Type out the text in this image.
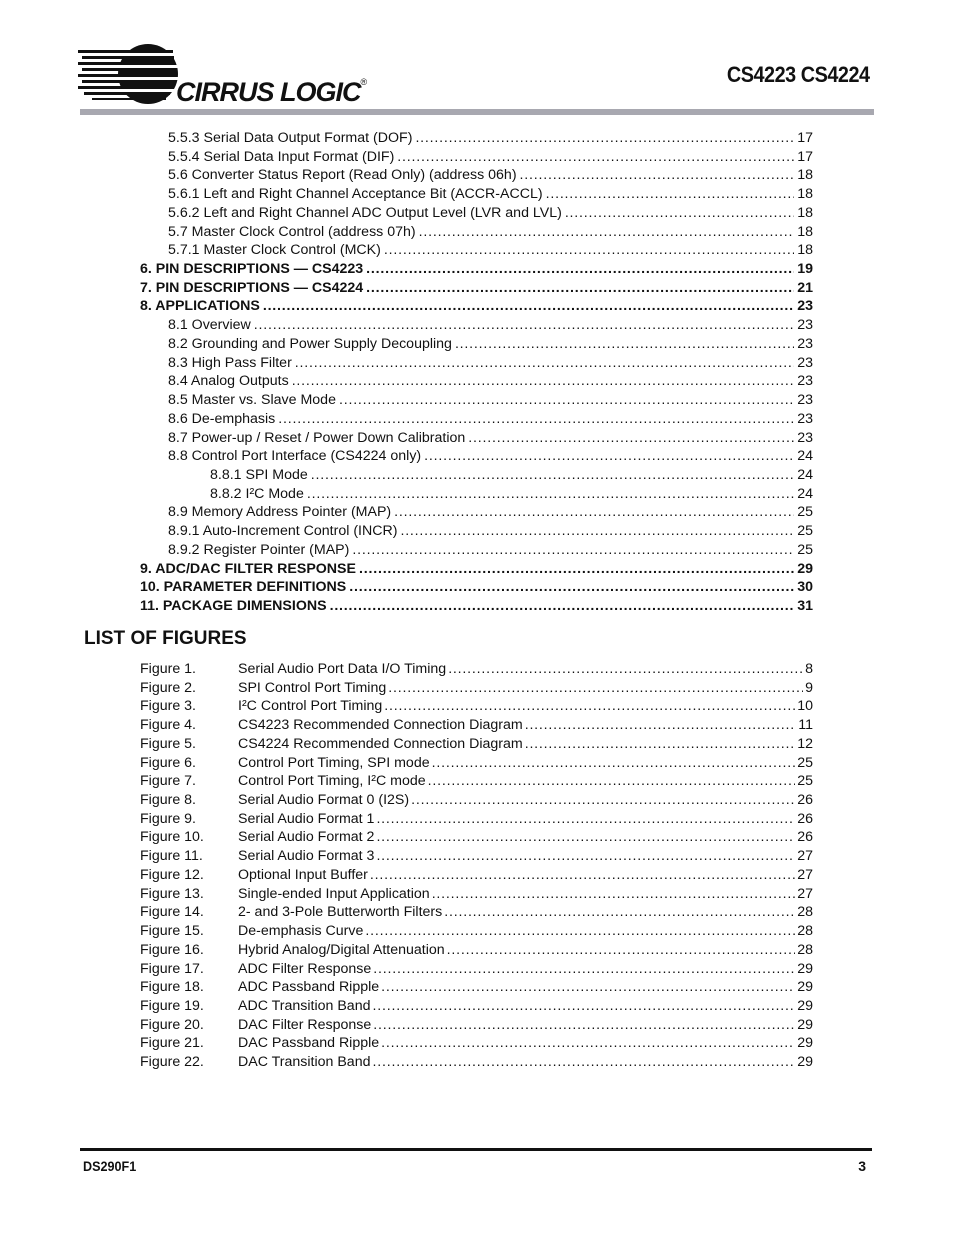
CIRRUS LOGIC®	CS4223 CS4224
5.5.3 Serial Data Output Format (DOF) .....	17
5.5.4 Serial Data Input Format (DIF) .....	17
5.6 Converter Status Report (Read Only) (address 06h) .....	18
5.6.1 Left and Right Channel Acceptance Bit (ACCR-ACCL) .....	18
5.6.2 Left and Right Channel ADC Output Level (LVR and LVL) .....	18
5.7 Master Clock Control (address 07h) .....	18
5.7.1 Master Clock Control (MCK) .....	18
6. PIN DESCRIPTIONS — CS4223 .....	19
7. PIN DESCRIPTIONS — CS4224 .....	21
8. APPLICATIONS .....	23
8.1 Overview .....	23
8.2 Grounding and Power Supply Decoupling .....	23
8.3 High Pass Filter .....	23
8.4 Analog Outputs .....	23
8.5 Master vs. Slave Mode .....	23
8.6 De-emphasis .....	23
8.7 Power-up / Reset / Power Down Calibration .....	23
8.8 Control Port Interface (CS4224 only) .....	24
8.8.1 SPI Mode .....	24
8.8.2 I²C Mode .....	24
8.9 Memory Address Pointer (MAP) .....	25
8.9.1 Auto-Increment Control (INCR) .....	25
8.9.2 Register Pointer (MAP) .....	25
9. ADC/DAC FILTER RESPONSE .....	29
10. PARAMETER DEFINITIONS .....	30
11. PACKAGE DIMENSIONS .....	31
LIST OF FIGURES
Figure 1.	Serial Audio Port Data I/O Timing .....	8
Figure 2.	SPI Control Port Timing .....	9
Figure 3.	I²C Control Port Timing .....	10
Figure 4.	CS4223 Recommended Connection Diagram .....	11
Figure 5.	CS4224 Recommended Connection Diagram .....	12
Figure 6.	Control Port Timing, SPI mode .....	25
Figure 7.	Control Port Timing, I²C mode .....	25
Figure 8.	Serial Audio Format 0 (I2S) .....	26
Figure 9.	Serial Audio Format 1 .....	26
Figure 10.	Serial Audio Format 2 .....	26
Figure 11.	Serial Audio Format 3 .....	27
Figure 12.	Optional Input Buffer .....	27
Figure 13.	Single-ended Input Application .....	27
Figure 14.	2- and 3-Pole Butterworth Filters .....	28
Figure 15.	De-emphasis Curve .....	28
Figure 16.	Hybrid Analog/Digital Attenuation .....	28
Figure 17.	ADC Filter Response .....	29
Figure 18.	ADC Passband Ripple .....	29
Figure 19.	ADC Transition Band .....	29
Figure 20.	DAC Filter Response .....	29
Figure 21.	DAC Passband Ripple .....	29
Figure 22.	DAC Transition Band .....	29
DS290F1	3
